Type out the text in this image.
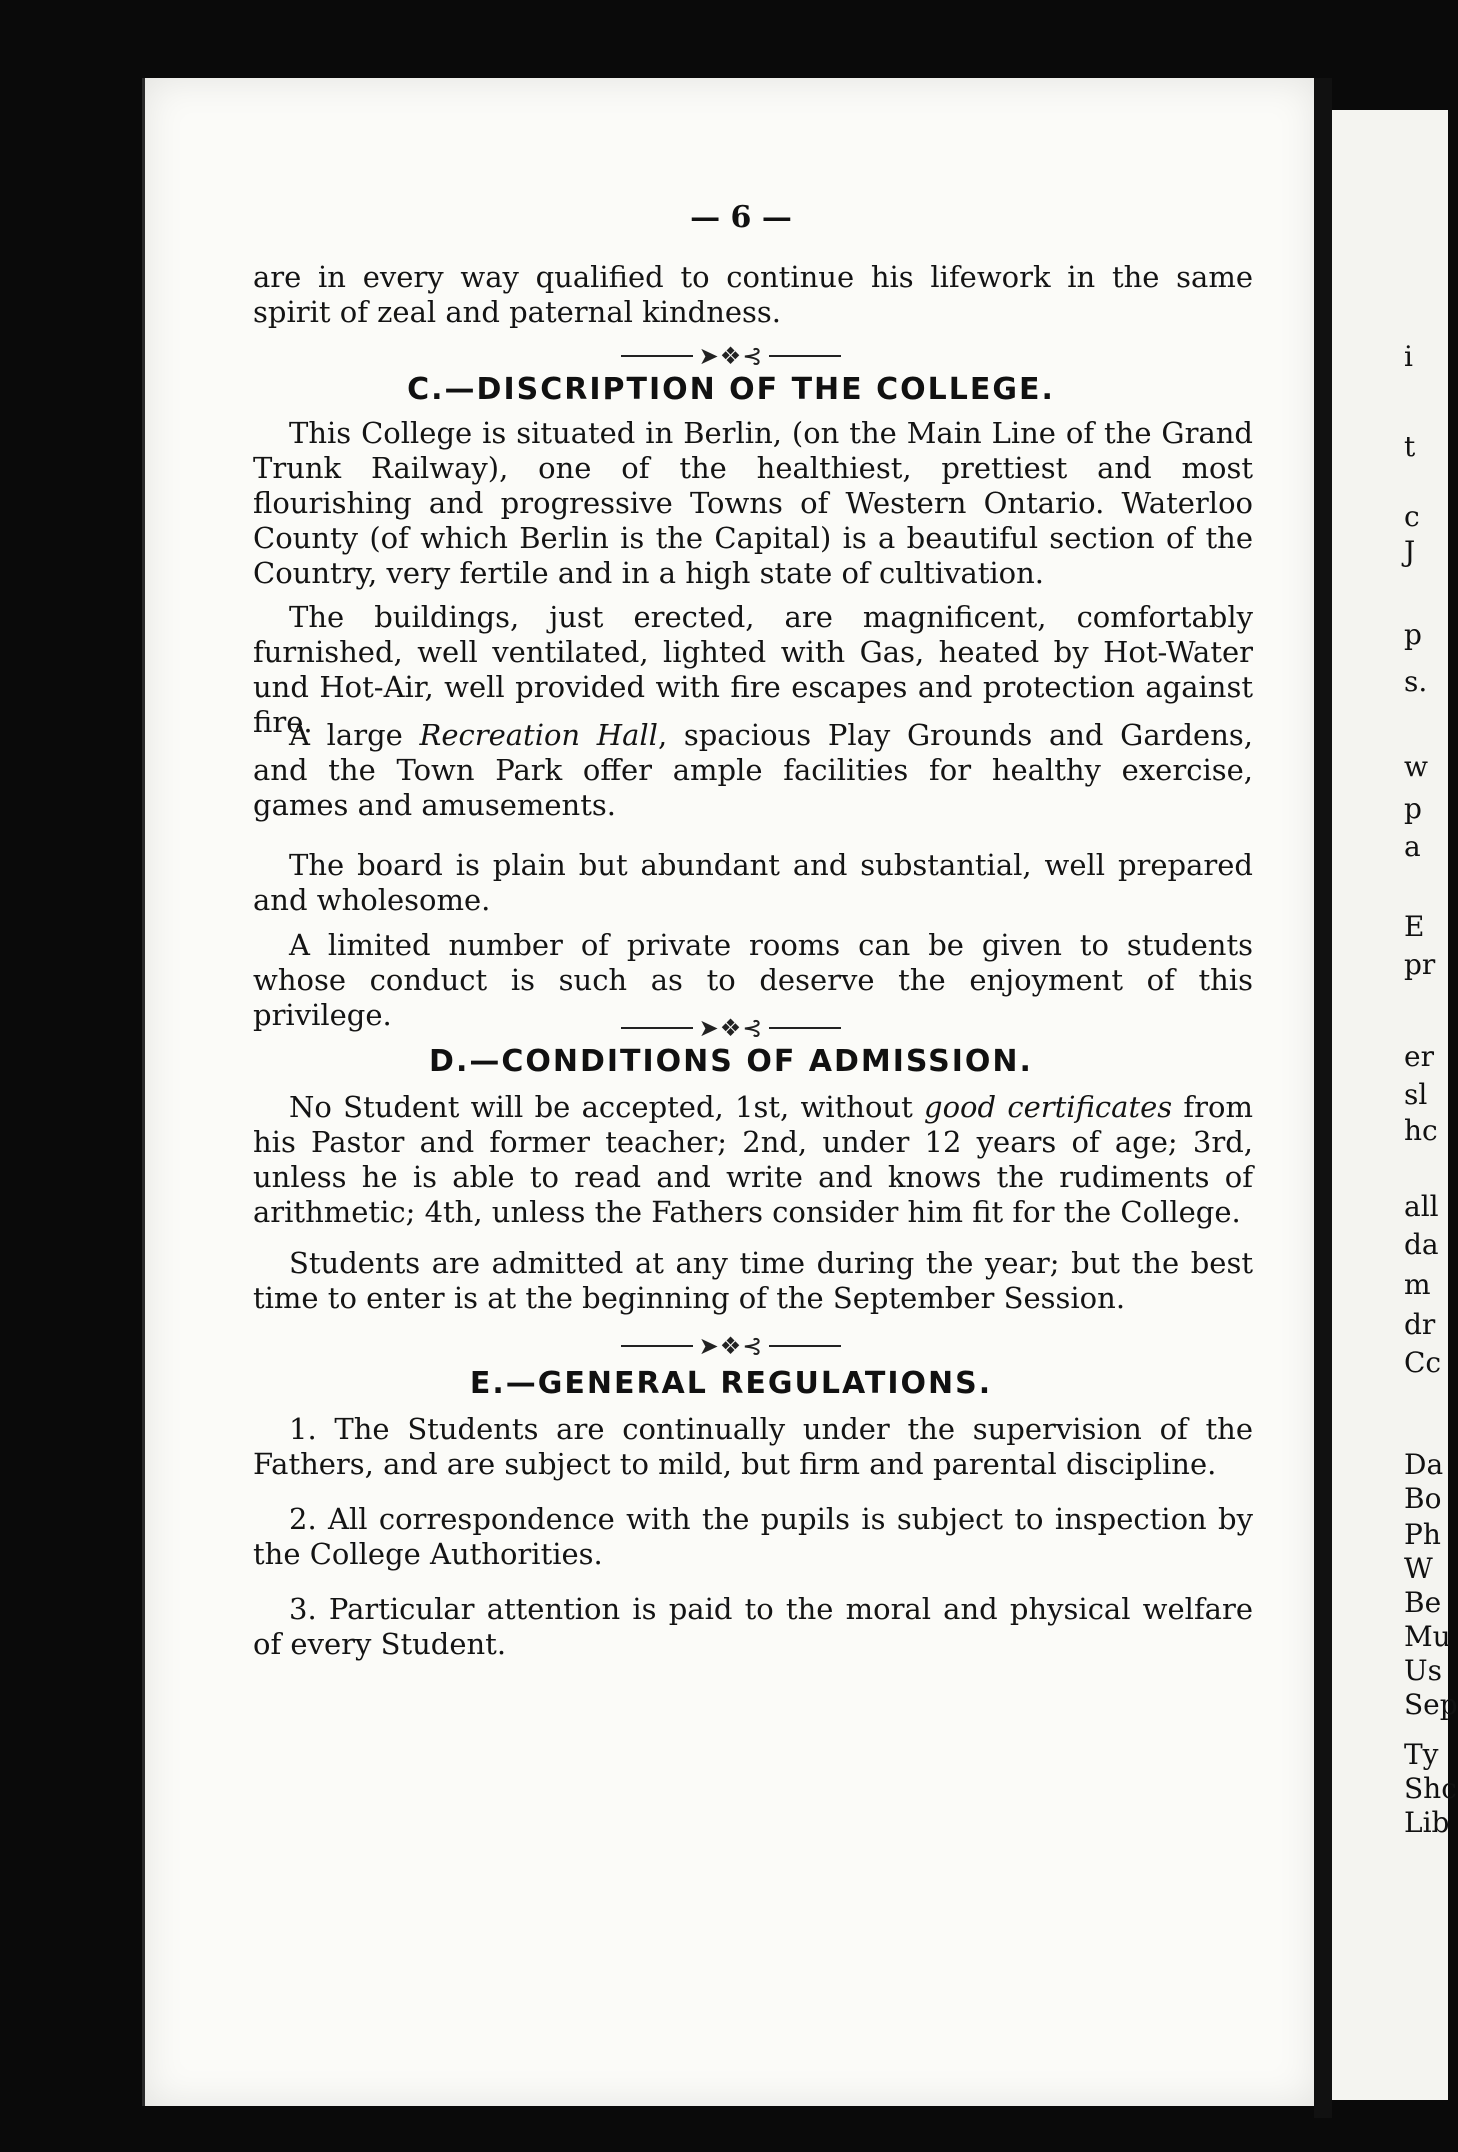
— 6 —

are in every way qualified to continue his lifework in the same spirit of zeal and paternal kindness.

➤❖⊰
C.—DISCRIPTION OF THE COLLEGE.

This College is situated in Berlin, (on the Main Line of the Grand Trunk Railway), one of the healthiest, prettiest and most flourishing and progressive Towns of Western Ontario. Waterloo County (of which Berlin is the Capital) is a beautiful section of the Country, very fertile and in a high state of cultivation.

The buildings, just erected, are magnificent, comfortably furnished, well ventilated, lighted with Gas, heated by Hot-Water und Hot-Air, well provided with fire escapes and protection against fire.

A large Recreation Hall, spacious Play Grounds and Gardens, and the Town Park offer ample facilities for healthy exercise, games and amusements.

The board is plain but abundant and substantial, well prepared and wholesome.

A limited number of private rooms can be given to students whose conduct is such as to deserve the enjoyment of this privilege.	➤❖⊰
D.—CONDITIONS OF ADMISSION.

No Student will be accepted, 1st, without good certificates from his Pastor and former teacher; 2nd, under 12 years of age; 3rd, unless he is able to read and write and knows the rudiments of arithmetic; 4th, unless the Fathers consider him fit for the College.

Students are admitted at any time during the year; but the best time to enter is at the beginning of the September Session.

➤❖⊰
E.—GENERAL REGULATIONS.

1. The Students are continually under the supervision of the Fathers, and are subject to mild, but firm and parental discipline.

2. All correspondence with the pupils is subject to inspection by the College Authorities.

3. Particular attention is paid to the moral and physical welfare of every Student.

i
t
c
J
p
s.
w
p
a
E
pr
er
sl
hc
all
da
m
dr
Cc
Da
Bo
Ph
W
Be
Mu
Us
Sep
Ty
Shc
Lib
